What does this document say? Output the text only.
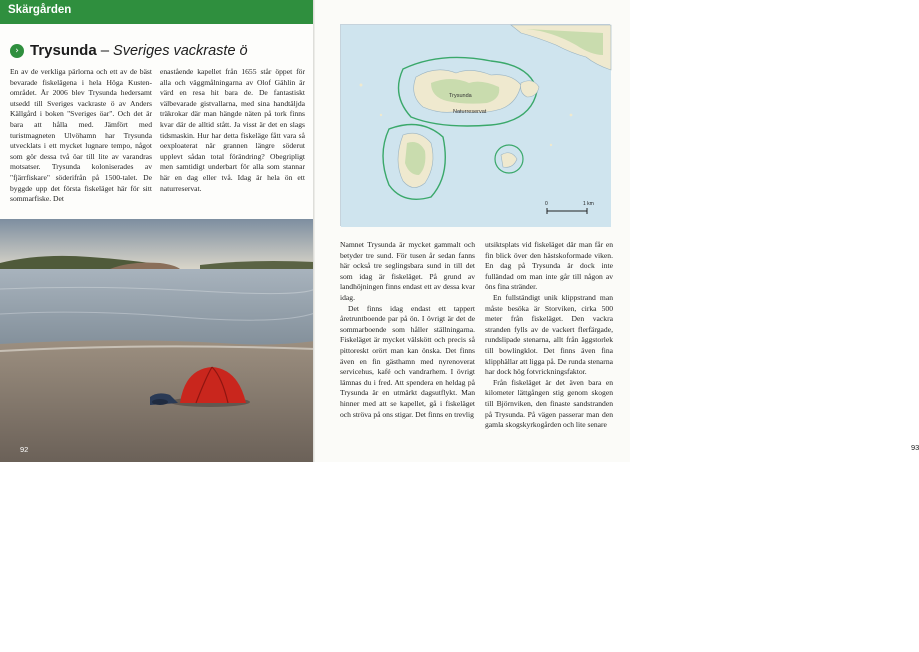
Skärgården
› Trysunda – Sveriges vackraste ö

En av de verkliga pärlorna och ett av de bäst bevarade fiskelägena i hela Höga Kusten-området. År 2006 blev Trysunda hedersamt utsedd till Sveriges vackraste ö av Anders Källgård i boken "Sveriges öar". Och det är bara att hålla med. Jämfört med turistmagneten Ulvöhamn har Trysunda utvecklats i ett mycket lugnare tempo, något som gör dessa två öar till lite av varandras motsatser. Trysunda koloniserades av "fjärrfiskare" söderifrån på 1500-talet. De byggde upp det första fiskeläget här för sitt sommarfiske. Det

enastående kapellet från 1655 står öppet för alla och väggmålningarna av Olof Gählin är värd en resa hit bara de. De fantastiskt välbevarade gistvallarna, med sina handtäljda träkrokar där man hängde näten på tork finns kvar där de alltid stått. Ja visst är det en slags tidsmaskin. Hur har detta fiskeläge fått vara så oexploaterat när grannen längre söderut upplevt sådan total förändring? Obegripligt men samtidigt underbart för alla som stannar här en dag eller två. Idag är hela ön ett naturreservat.

Ensam i tältet på Björnvikens vita sandstrand.
92	93
Trysunda
Naturreservat
0	1 km

Namnet Trysunda är mycket gammalt och betyder tre sund. För tusen år sedan fanns här också tre seglingsbara sund in till det som idag är fiskeläget. På grund av landhöjningen finns endast ett av dessa kvar idag.

Det finns idag endast ett tappert åretruntboende par på ön. I övrigt är det de sommarboende som håller ställningarna. Fiskeläget är mycket välskött och precis så pittoreskt orört man kan önska. Det finns även en fin gästhamn med nyrenoverat servicehus, kafé och vandrarhem. I övrigt lämnas du i fred. Att spendera en heldag på Trysunda är en utmärkt dagsutflykt. Man hinner med att se kapellet, gå i fiskeläget och ströva på ons stigar. Det finns en trevlig

utsiktsplats vid fiskeläget där man får en fin blick över den hästskoformade viken. En dag på Trysunda är dock inte fulländad om man inte går till någon av öns fina stränder.

En fullständigt unik klippstrand man måste besöka är Storviken, cirka 500 meter från fiskeläget. Den vackra stranden fylls av de vackert flerfärgade, rundslipade stenarna, allt från äggstorlek till bowlingklot. Det finns även fina klipphällar att ligga på. De runda stenarna har dock hög fotvrickningsfaktor.

Från fiskeläget är det även bara en kilometer lättgången stig genom skogen till Björnviken, den finaste sandstranden på Trysunda. På vägen passerar man den gamla skogskyrkogården och lite senare
